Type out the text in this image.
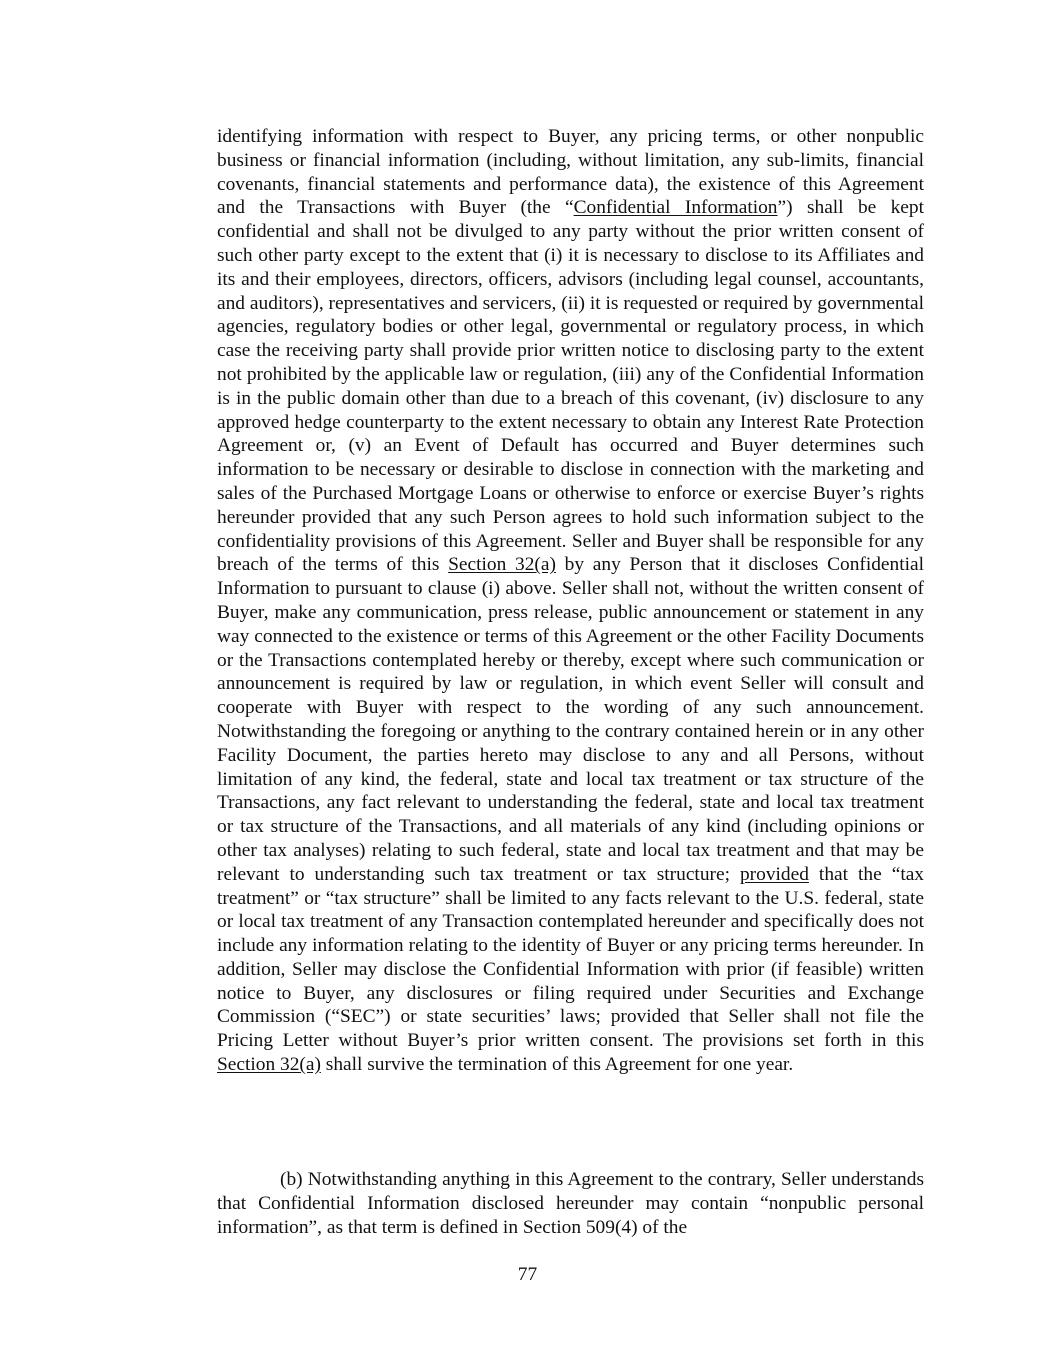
identifying information with respect to Buyer, any pricing terms, or other nonpublic business or financial information (including, without limitation, any sub-limits, financial covenants, financial statements and performance data), the existence of this Agreement and the Transactions with Buyer (the “Confidential Information”) shall be kept confidential and shall not be divulged to any party without the prior written consent of such other party except to the extent that (i) it is necessary to disclose to its Affiliates and its and their employees, directors, officers, advisors (including legal counsel, accountants, and auditors), representatives and servicers, (ii) it is requested or required by governmental agencies, regulatory bodies or other legal, governmental or regulatory process, in which case the receiving party shall provide prior written notice to disclosing party to the extent not prohibited by the applicable law or regulation, (iii) any of the Confidential Information is in the public domain other than due to a breach of this covenant, (iv) disclosure to any approved hedge counterparty to the extent necessary to obtain any Interest Rate Protection Agreement or, (v) an Event of Default has occurred and Buyer determines such information to be necessary or desirable to disclose in connection with the marketing and sales of the Purchased Mortgage Loans or otherwise to enforce or exercise Buyer’s rights hereunder provided that any such Person agrees to hold such information subject to the confidentiality provisions of this Agreement. Seller and Buyer shall be responsible for any breach of the terms of this Section 32(a) by any Person that it discloses Confidential Information to pursuant to clause (i) above. Seller shall not, without the written consent of Buyer, make any communication, press release, public announcement or statement in any way connected to the existence or terms of this Agreement or the other Facility Documents or the Transactions contemplated hereby or thereby, except where such communication or announcement is required by law or regulation, in which event Seller will consult and cooperate with Buyer with respect to the wording of any such announcement. Notwithstanding the foregoing or anything to the contrary contained herein or in any other Facility Document, the parties hereto may disclose to any and all Persons, without limitation of any kind, the federal, state and local tax treatment or tax structure of the Transactions, any fact relevant to understanding the federal, state and local tax treatment or tax structure of the Transactions, and all materials of any kind (including opinions or other tax analyses) relating to such federal, state and local tax treatment and that may be relevant to understanding such tax treatment or tax structure; provided that the “tax treatment” or “tax structure” shall be limited to any facts relevant to the U.S. federal, state or local tax treatment of any Transaction contemplated hereunder and specifically does not include any information relating to the identity of Buyer or any pricing terms hereunder. In addition, Seller may disclose the Confidential Information with prior (if feasible) written notice to Buyer, any disclosures or filing required under Securities and Exchange Commission (“SEC”) or state securities’ laws; provided that Seller shall not file the Pricing Letter without Buyer’s prior written consent. The provisions set forth in this Section 32(a) shall survive the termination of this Agreement for one year.
(b) Notwithstanding anything in this Agreement to the contrary, Seller understands that Confidential Information disclosed hereunder may contain “nonpublic personal information”, as that term is defined in Section 509(4) of the
77
